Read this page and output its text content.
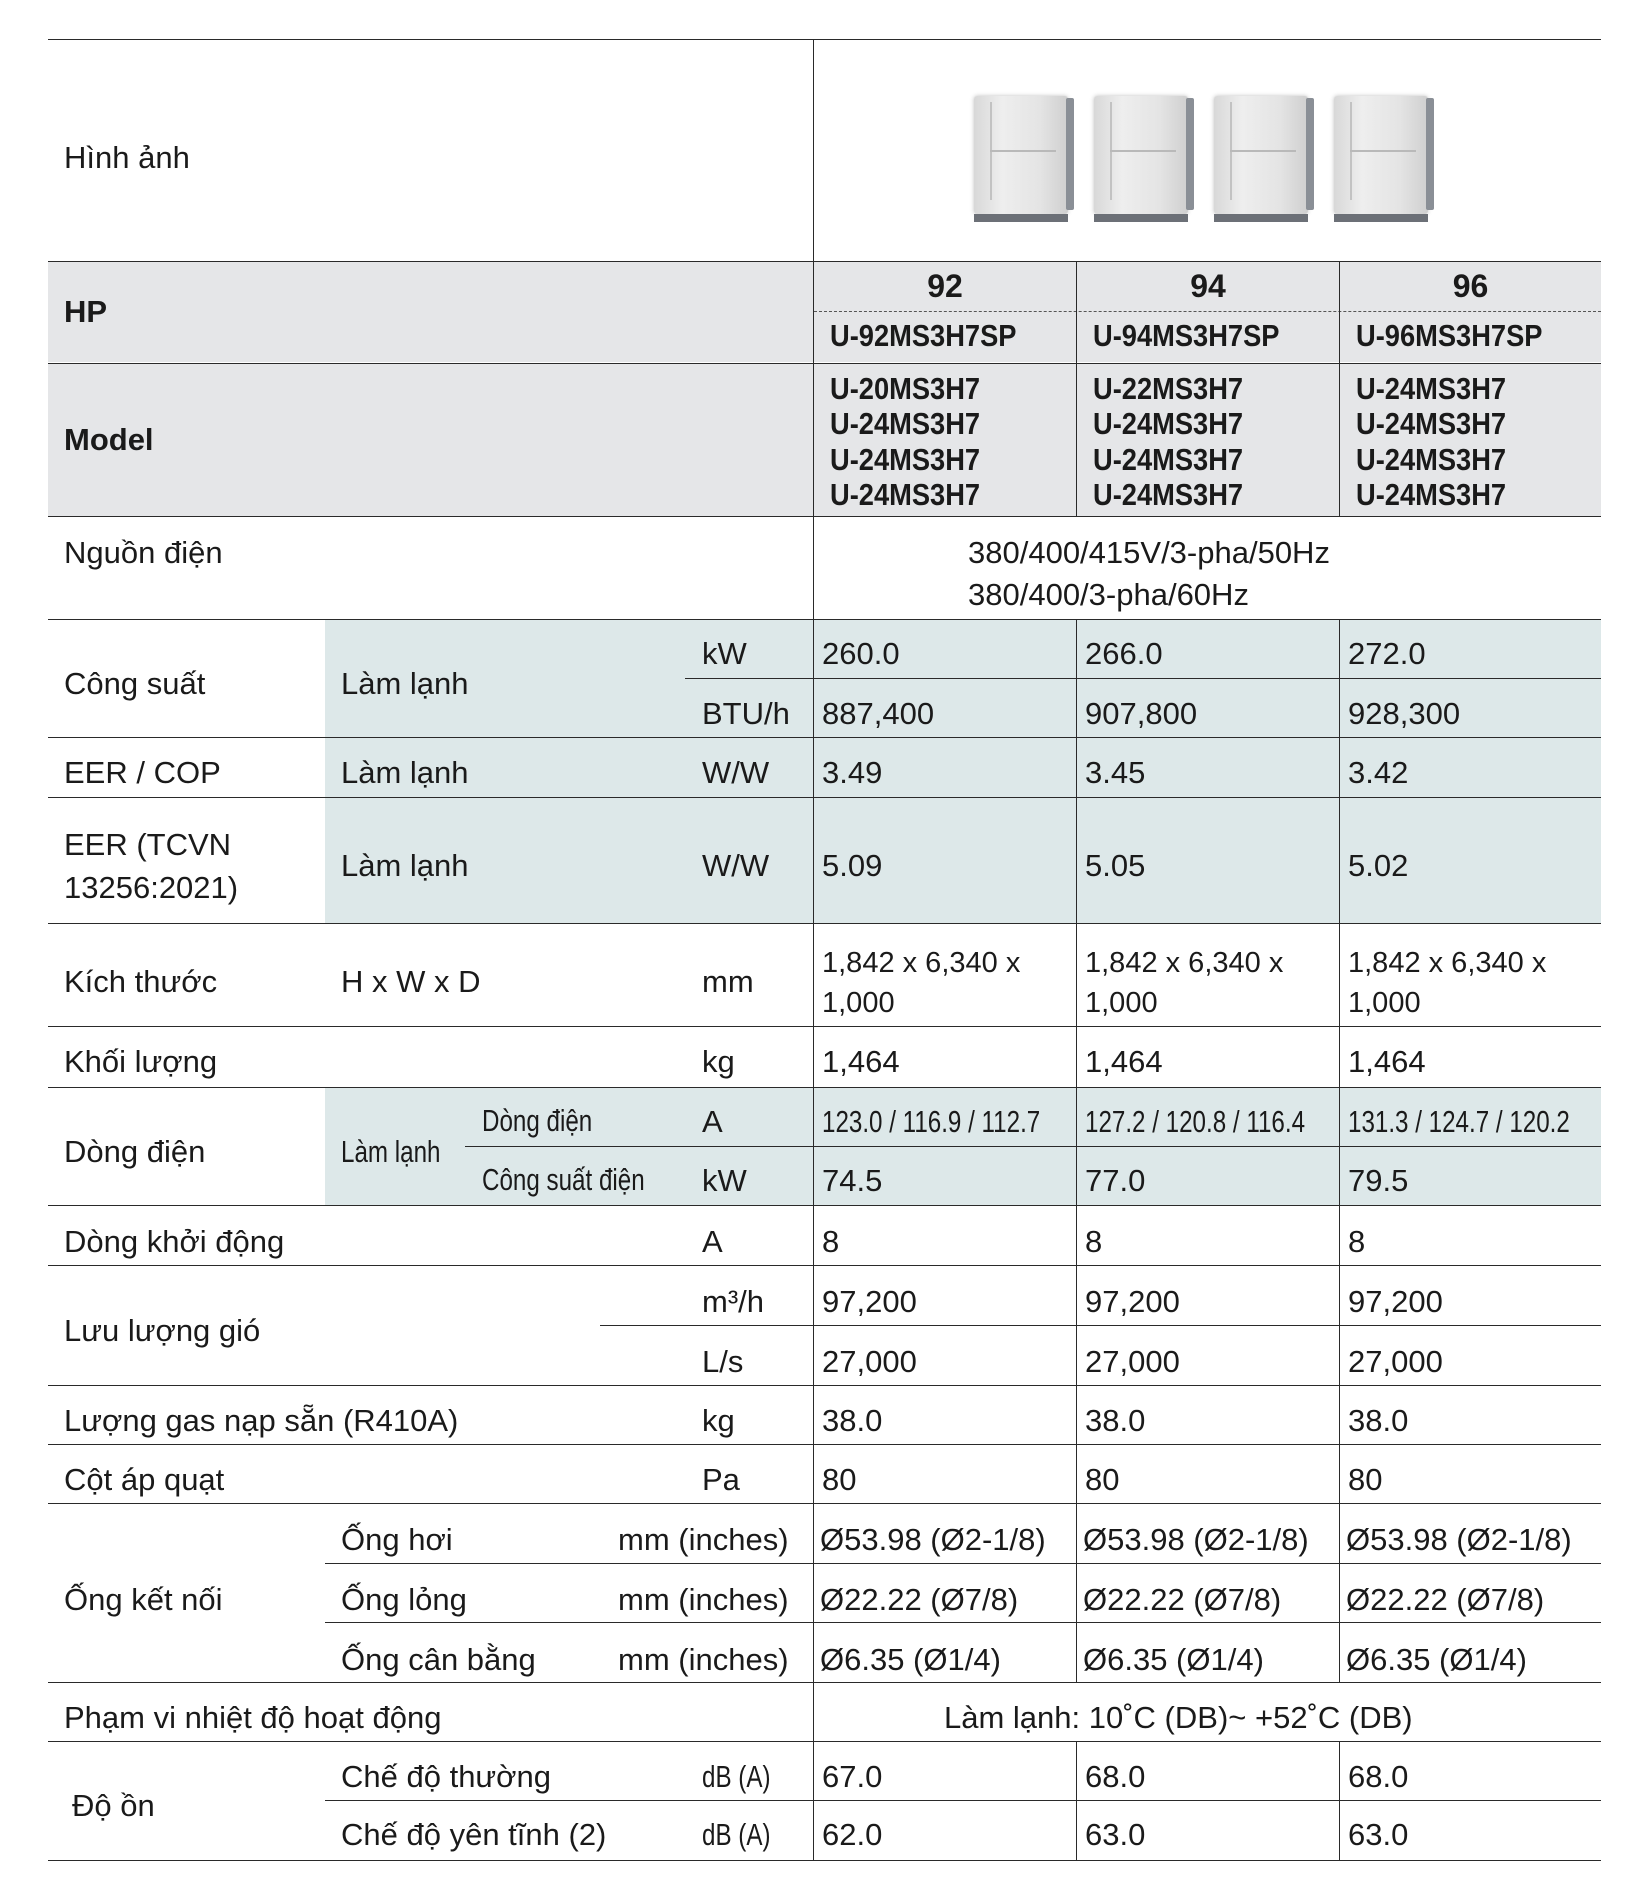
Hình ảnh
HP
Model
Nguồn điện
Công suất
EER / COP
EER (TCVN
13256:2021)
Kích thước
Khối lượng
Dòng điện
Dòng khởi động
Lưu lượng gió
Lượng gas nạp sẵn (R410A)
Cột áp quạt
Ống kết nối
Phạm vi nhiệt độ hoạt động
Độ ồn
Làm lạnh
Làm lạnh
Làm lạnh
H x W x D
Làm lạnh
Dòng điện
Công suất điện
Ống hơi
Ống lỏng
Ống cân bằng
Chế độ thường
Chế độ yên tĩnh (2)
kW
BTU/h
W/W
W/W
mm
kg
A
kW
A
m³/h
L/s
kg
Pa
mm (inches)
mm (inches)
mm (inches)
dB (A)
dB (A)
380/400/415V/3-pha/50Hz
380/400/3-pha/60Hz
Làm lạnh: 10˚C (DB)~ +52˚C (DB)
92
U-92MS3H7SP
U-20MS3H7
U-24MS3H7
U-24MS3H7
U-24MS3H7
260.0
887,400
3.49
5.09
1,842 x 6,340 x
1,000
1,464
123.0 / 116.9 / 112.7
74.5
8
97,200
27,000
38.0
80
Ø53.98 (Ø2-1/8)
Ø22.22 (Ø7/8)
Ø6.35 (Ø1/4)
67.0
62.0
94
U-94MS3H7SP
U-22MS3H7
U-24MS3H7
U-24MS3H7
U-24MS3H7
266.0
907,800
3.45
5.05
1,842 x 6,340 x
1,000
1,464
127.2 / 120.8 / 116.4
77.0
8
97,200
27,000
38.0
80
Ø53.98 (Ø2-1/8)
Ø22.22 (Ø7/8)
Ø6.35 (Ø1/4)
68.0
63.0
96
U-96MS3H7SP
U-24MS3H7
U-24MS3H7
U-24MS3H7
U-24MS3H7
272.0
928,300
3.42
5.02
1,842 x 6,340 x
1,000
1,464
131.3 / 124.7 / 120.2
79.5
8
97,200
27,000
38.0
80
Ø53.98 (Ø2-1/8)
Ø22.22 (Ø7/8)
Ø6.35 (Ø1/4)
68.0
63.0
